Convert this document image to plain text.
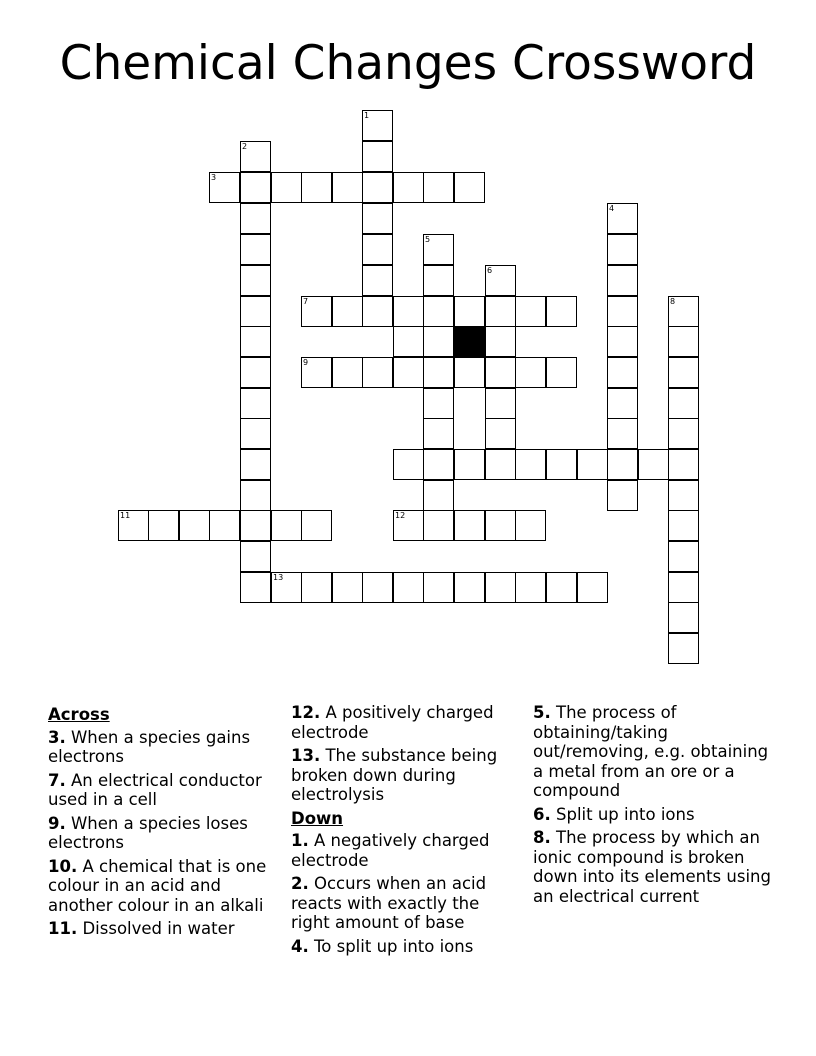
Chemical Changes Crossword
1
2
3
4
5
6
7	8
9
11	12
13
Across
3. When a species gains electrons
7. An electrical conductor used in a cell
9. When a species loses electrons
10. A chemical that is one colour in an acid and another colour in an alkali
11. Dissolved in water
12. A positively charged electrode
13. The substance being broken down during electrolysis
Down
1. A negatively charged electrode
2. Occurs when an acid reacts with exactly the right amount of base
4. To split up into ions
5. The process of obtaining/taking out/removing, e.g. obtaining a metal from an ore or a compound
6. Split up into ions
8. The process by which an ionic compound is broken down into its elements using an electrical current
